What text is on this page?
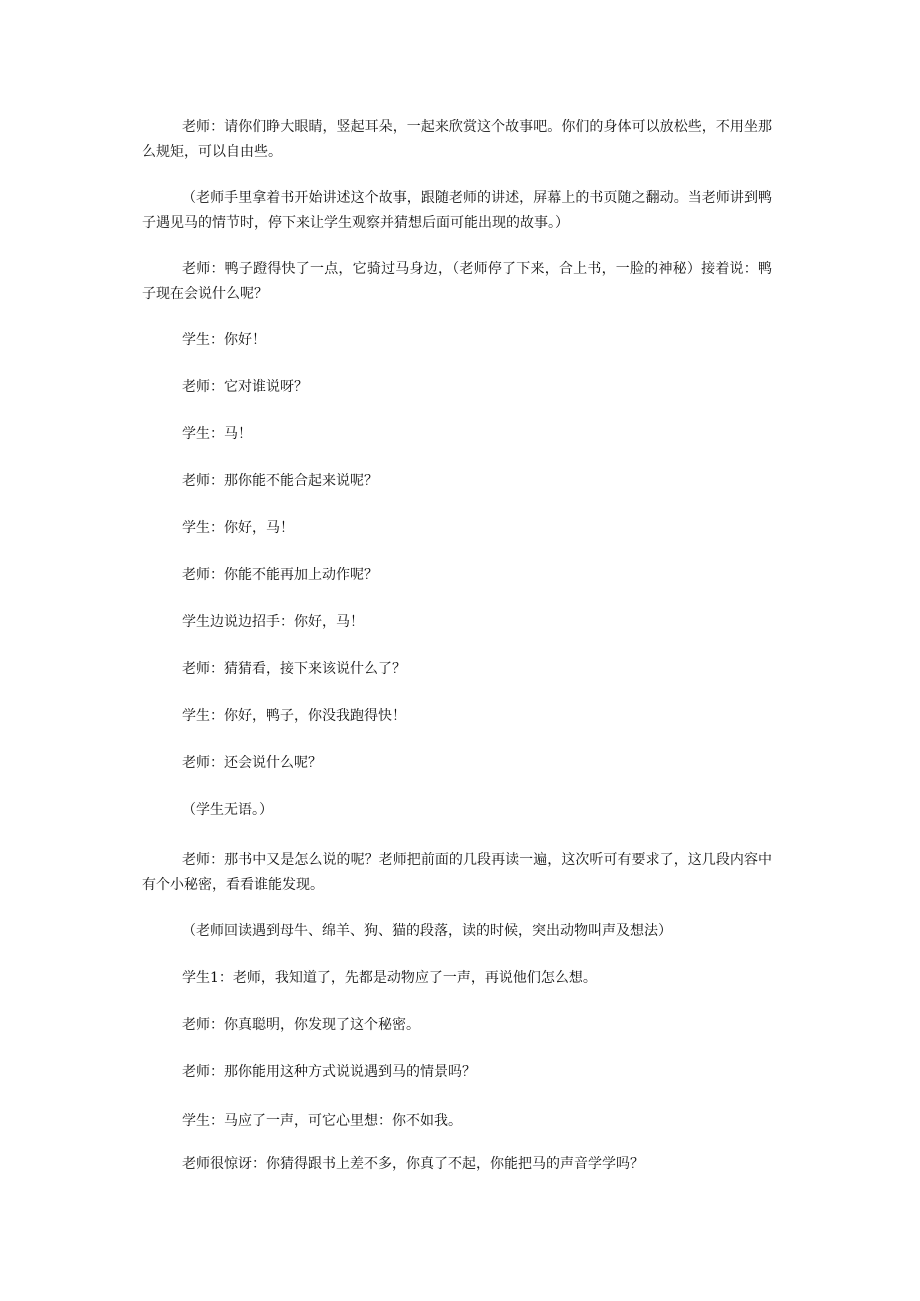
老师：请你们睁大眼睛，竖起耳朵，一起来欣赏这个故事吧。你们的身体可以放松些，不用坐那么规矩，可以自由些。

（老师手里拿着书开始讲述这个故事，跟随老师的讲述，屏幕上的书页随之翻动。当老师讲到鸭子遇见马的情节时，停下来让学生观察并猜想后面可能出现的故事。）

老师：鸭子蹬得快了一点，它骑过马身边，（老师停了下来，合上书，一脸的神秘）接着说：鸭子现在会说什么呢？

学生：你好！

老师：它对谁说呀？

学生：马！

老师：那你能不能合起来说呢？

学生：你好，马！

老师：你能不能再加上动作呢？

学生边说边招手：你好，马！

老师：猜猜看，接下来该说什么了？

学生：你好，鸭子，你没我跑得快！

老师：还会说什么呢？

（学生无语。）

老师：那书中又是怎么说的呢？老师把前面的几段再读一遍，这次听可有要求了，这几段内容中有个小秘密，看看谁能发现。

（老师回读遇到母牛、绵羊、狗、猫的段落，读的时候，突出动物叫声及想法）

学生1：老师，我知道了，先都是动物应了一声，再说他们怎么想。

老师：你真聪明，你发现了这个秘密。

老师：那你能用这种方式说说遇到马的情景吗？

学生：马应了一声，可它心里想：你不如我。

老师很惊讶：你猜得跟书上差不多，你真了不起，你能把马的声音学学吗？
